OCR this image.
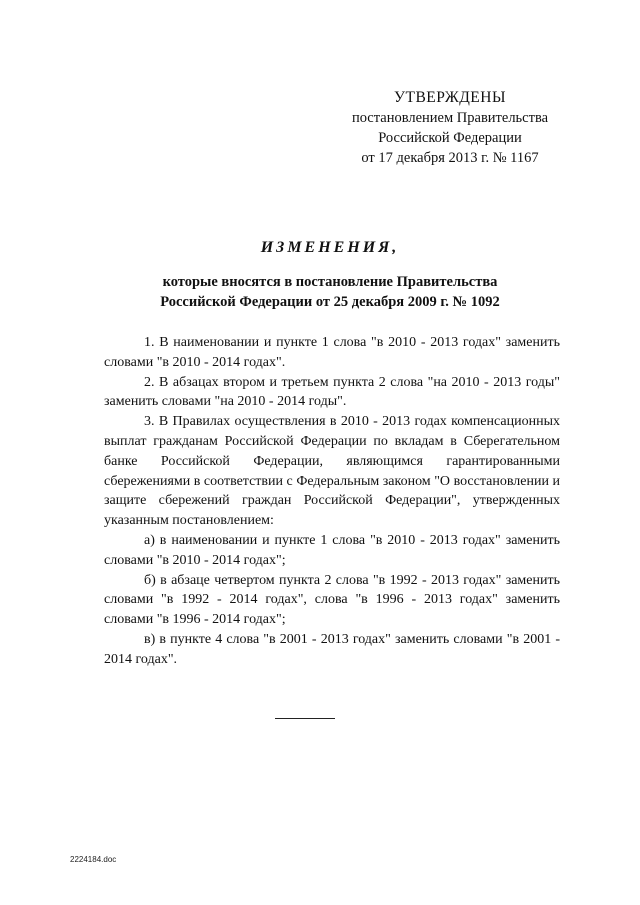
УТВЕРЖДЕНЫ
постановлением Правительства
Российской Федерации
от 17 декабря 2013 г. № 1167
ИЗМЕНЕНИЯ,
которые вносятся в постановление Правительства
Российской Федерации от 25 декабря 2009 г. № 1092

1. В наименовании и пункте 1 слова "в 2010 - 2013 годах" заменить словами "в 2010 - 2014 годах".

2. В абзацах втором и третьем пункта 2 слова "на 2010 - 2013 годы" заменить словами "на 2010 - 2014 годы".

3. В Правилах осуществления в 2010 - 2013 годах компенсационных выплат гражданам Российской Федерации по вкладам в Сберегательном банке Российской Федерации, являющимся гарантированными сбережениями в соответствии с Федеральным законом "О восстановлении и защите сбережений граждан Российской Федерации", утвержденных указанным постановлением:

а) в наименовании и пункте 1 слова "в 2010 - 2013 годах" заменить словами "в 2010 - 2014 годах";

б) в абзаце четвертом пункта 2 слова "в 1992 - 2013 годах" заменить словами "в 1992 - 2014 годах", слова "в 1996 - 2013 годах" заменить словами "в 1996 - 2014 годах";

в) в пункте 4 слова "в 2001 - 2013 годах" заменить словами "в 2001 - 2014 годах".

2224184.doc
